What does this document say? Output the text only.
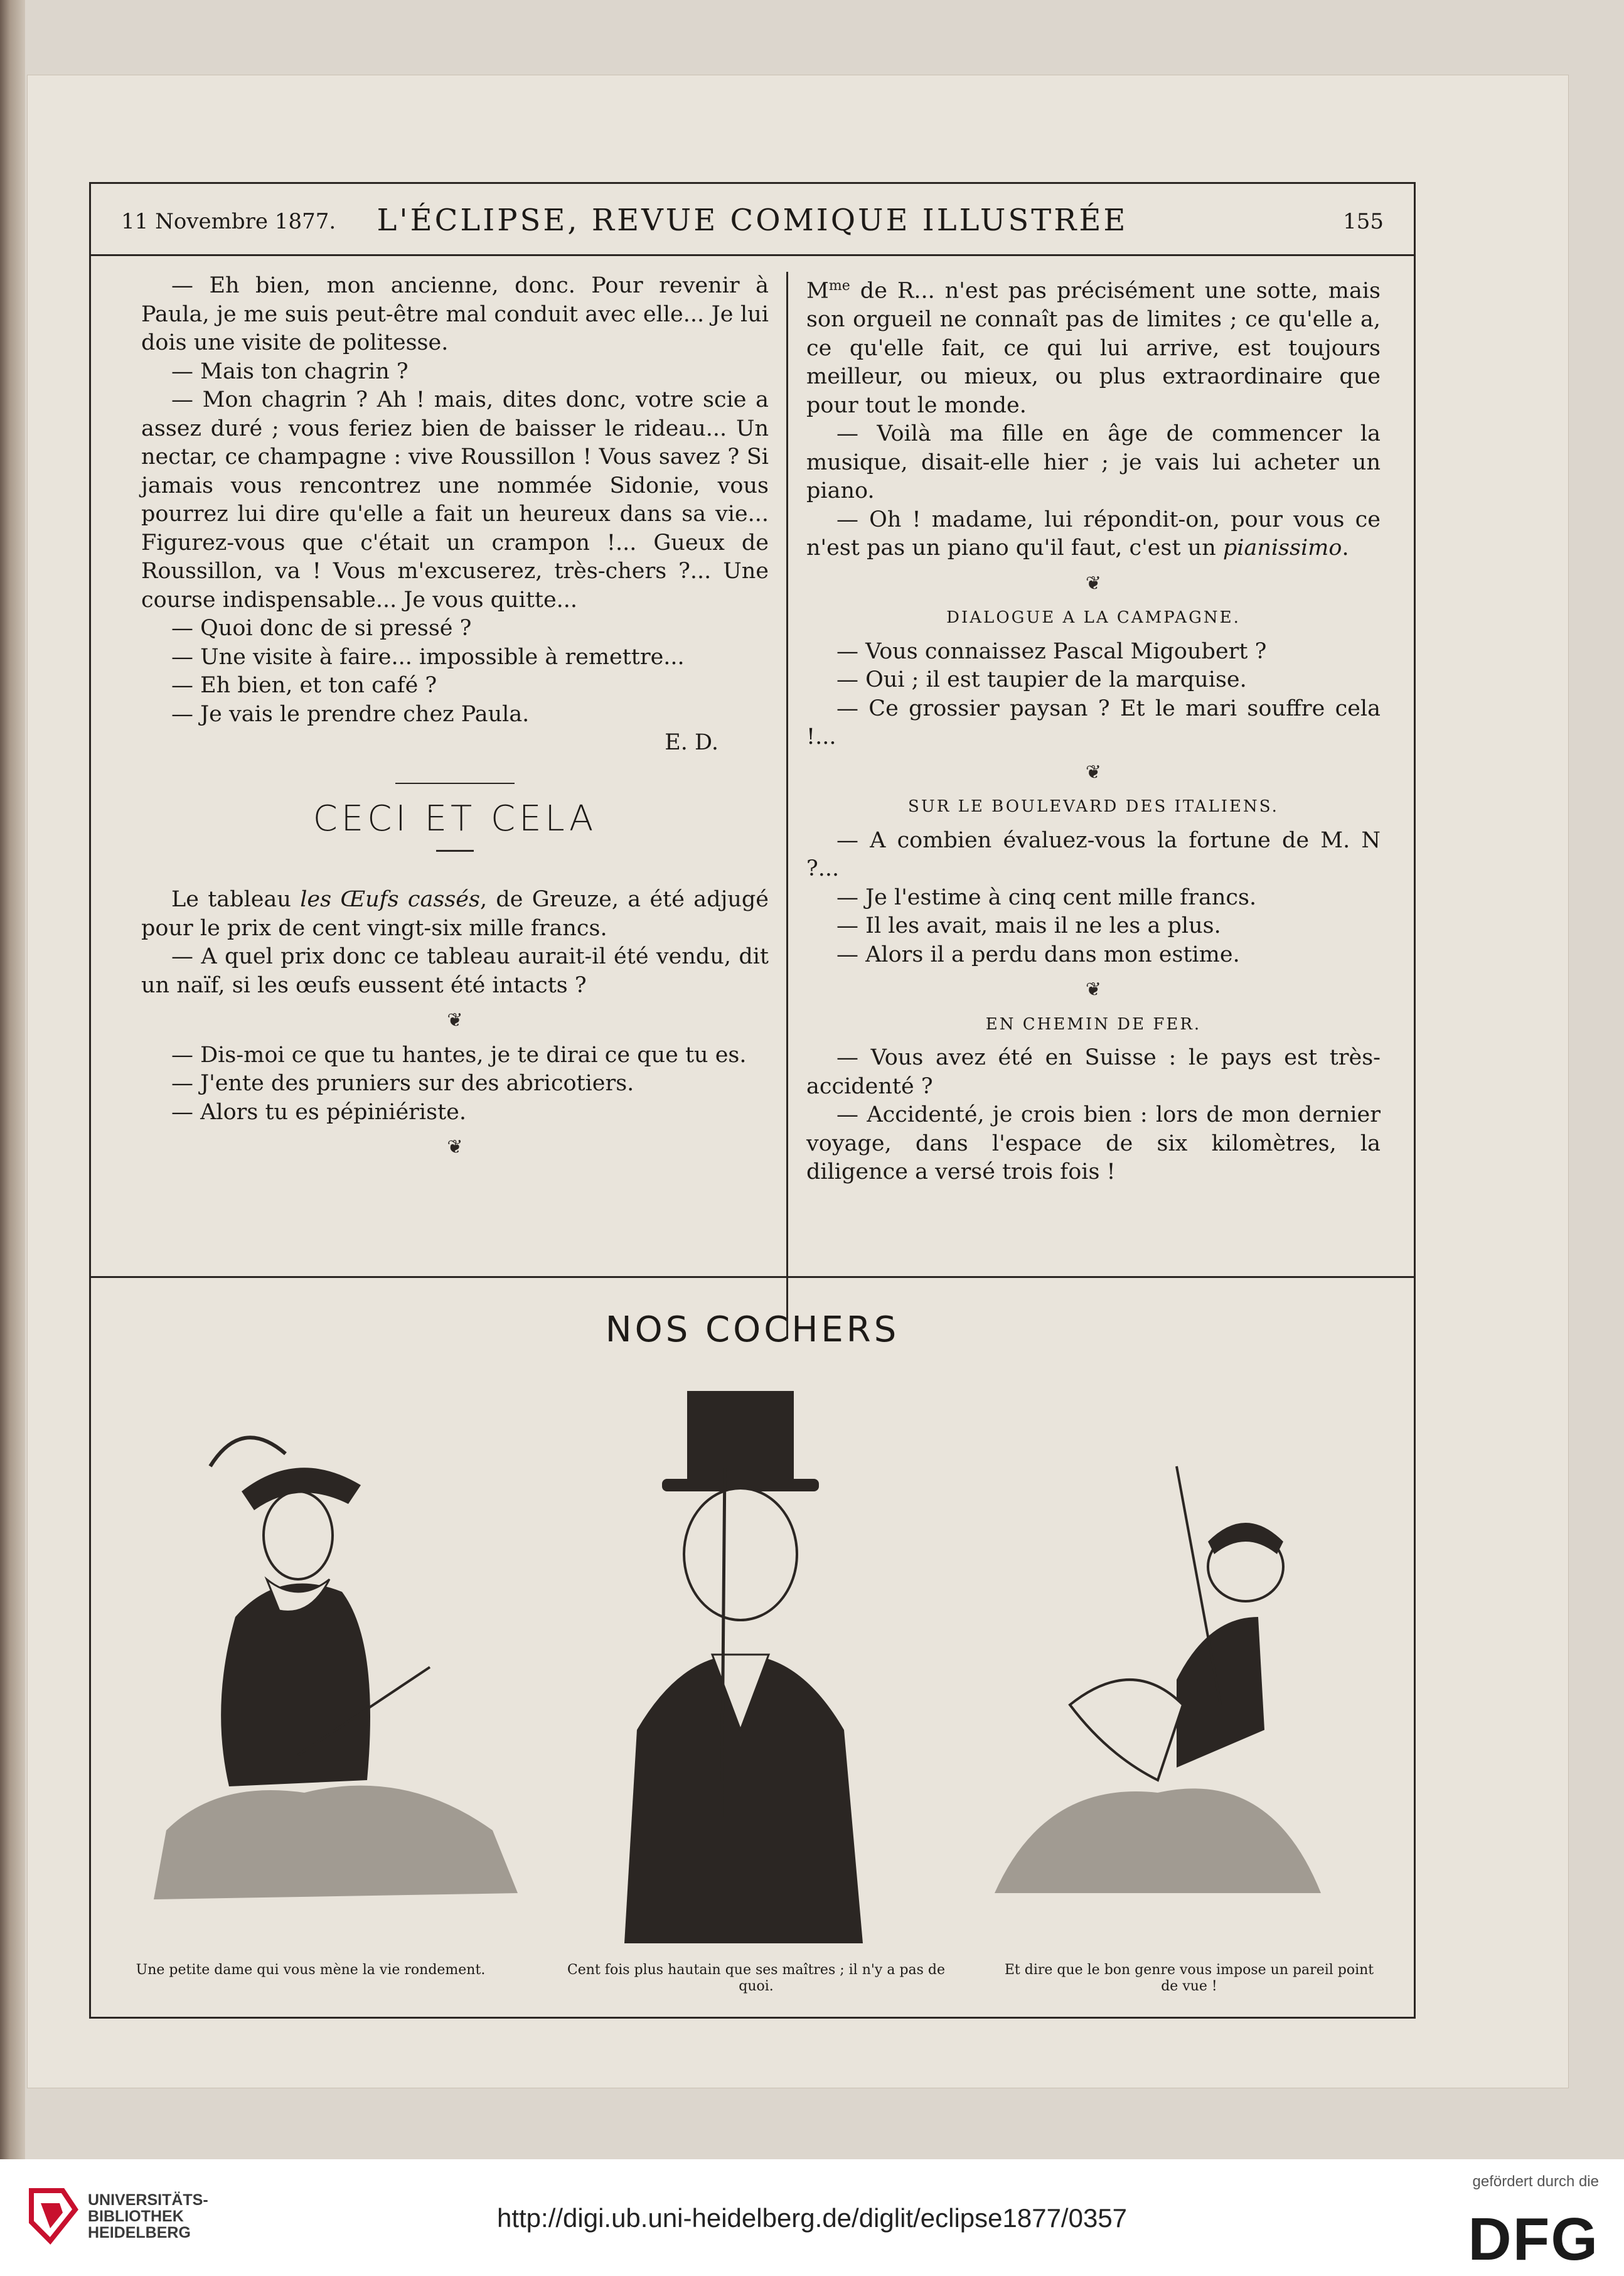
11 Novembre 1877.	L'ÉCLIPSE, REVUE COMIQUE ILLUSTRÉE	155

— Eh bien, mon ancienne, donc. Pour revenir à Paula, je me suis peut-être mal conduit avec elle... Je lui dois une visite de politesse.

— Mais ton chagrin ?

— Mon chagrin ? Ah ! mais, dites donc, votre scie a assez duré ; vous feriez bien de baisser le rideau... Un nectar, ce champagne : vive Roussillon ! Vous savez ? Si jamais vous rencontrez une nommée Sidonie, vous pourrez lui dire qu'elle a fait un heureux dans sa vie... Figurez-vous que c'était un crampon !... Gueux de Roussillon, va ! Vous m'excuserez, très-chers ?... Une course indispensable... Je vous quitte...

— Quoi donc de si pressé ?

— Une visite à faire... impossible à remettre...

— Eh bien, et ton café ?

— Je vais le prendre chez Paula.

E. D.

CECI ET CELA

Le tableau les Œufs cassés, de Greuze, a été adjugé pour le prix de cent vingt-six mille francs.

— A quel prix donc ce tableau aurait-il été vendu, dit un naïf, si les œufs eussent été intacts ?

❦

— Dis-moi ce que tu hantes, je te dirai ce que tu es.

— J'ente des pruniers sur des abricotiers.

— Alors tu es pépiniériste.

❦

$M^{me}$ de R... n'est pas précisément une sotte, mais son orgueil ne connaît pas de limites ; ce qu'elle a, ce qu'elle fait, ce qui lui arrive, est toujours meilleur, ou mieux, ou plus extraordinaire que pour tout le monde.

— Voilà ma fille en âge de commencer la musique, disait-elle hier ; je vais lui acheter un piano.

— Oh ! madame, lui répondit-on, pour vous ce n'est pas un piano qu'il faut, c'est un pianissimo.

❦
DIALOGUE A LA CAMPAGNE.

— Vous connaissez Pascal Migoubert ?

— Oui ; il est taupier de la marquise.

— Ce grossier paysan ? Et le mari souffre cela !...

❦
SUR LE BOULEVARD DES ITALIENS.

— A combien évaluez-vous la fortune de M. N ?...

— Je l'estime à cinq cent mille francs.

— Il les avait, mais il ne les a plus.

— Alors il a perdu dans mon estime.

❦
EN CHEMIN DE FER.

— Vous avez été en Suisse : le pays est très-accidenté ?

— Accidenté, je crois bien : lors de mon dernier voyage, dans l'espace de six kilomètres, la diligence a versé trois fois !

NOS COCHERS
Une petite dame qui vous mène la vie rondement.	Cent fois plus hautain que ses maîtres ; il n'y a pas de quoi.
Et dire que le bon genre vous impose un pareil point de vue !
UNIVERSITÄTS-
BIBLIOTHEK
HEIDELBERG	http://digi.ub.uni-heidelberg.de/diglit/eclipse1877/0357
gefördert durch die
DFG
